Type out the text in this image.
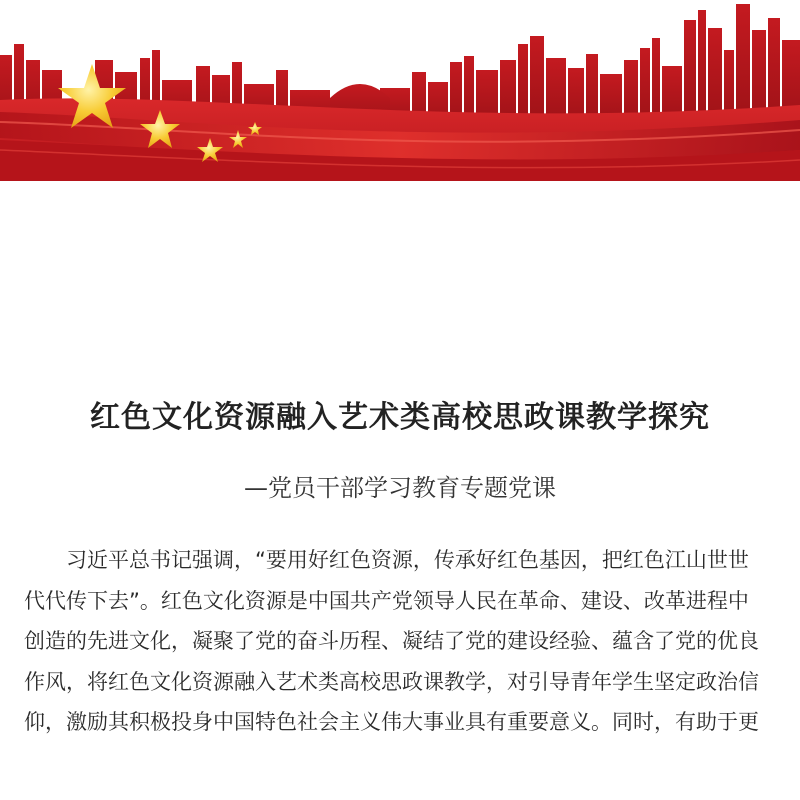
红色文化资源融入艺术类高校思政课教学探究
—党员干部学习教育专题党课
习近平总书记强调，“要用好红色资源，传承好红色基因，把红色江山世世
代代传下去”。红色文化资源是中国共产党领导人民在革命、建设、改革进程中
创造的先进文化，凝聚了党的奋斗历程、凝结了党的建设经验、蕴含了党的优良
作风，将红色文化资源融入艺术类高校思政课教学，对引导青年学生坚定政治信
仰，激励其积极投身中国特色社会主义伟大事业具有重要意义。同时，有助于更
